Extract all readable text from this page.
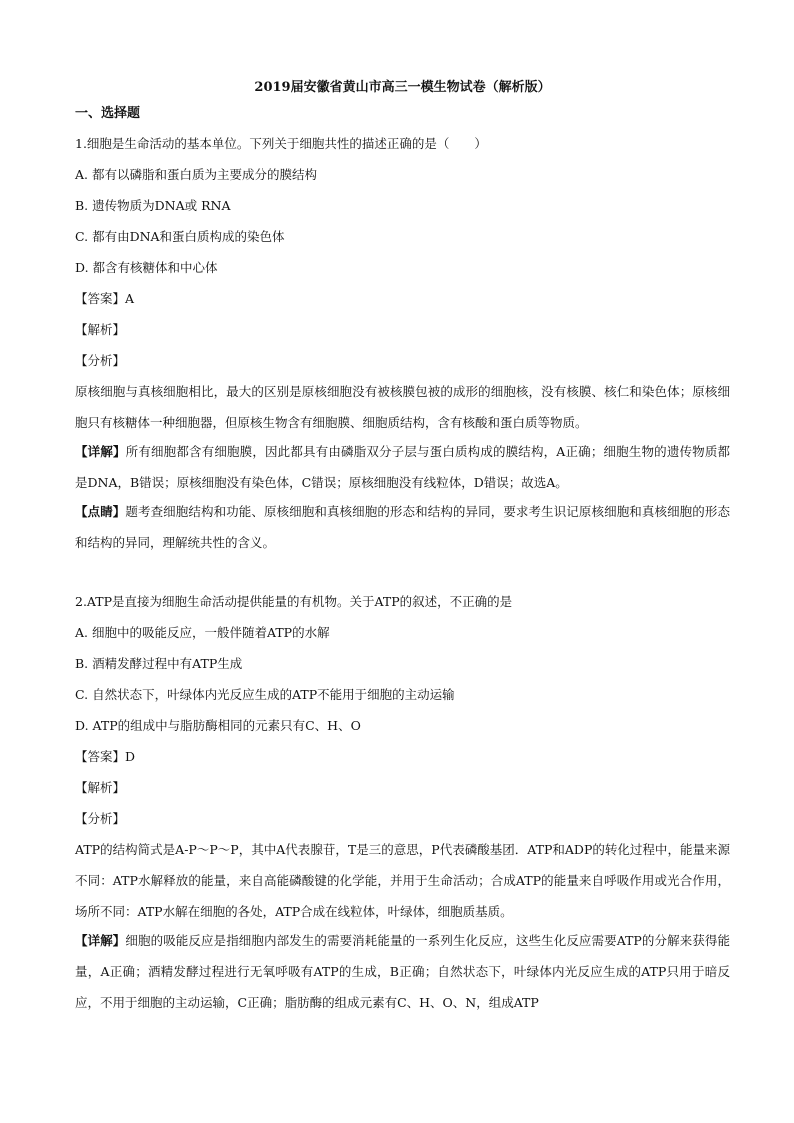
2019届安徽省黄山市高三一模生物试卷（解析版）
一、选择题
1.细胞是生命活动的基本单位。下列关于细胞共性的描述正确的是（　　）
A. 都有以磷脂和蛋白质为主要成分的膜结构
B. 遗传物质为DNA或 RNA
C. 都有由DNA和蛋白质构成的染色体
D. 都含有核糖体和中心体
【答案】A
【解析】
【分析】
原核细胞与真核细胞相比，最大的区别是原核细胞没有被核膜包被的成形的细胞核，没有核膜、核仁和染色体；原核细胞只有核糖体一种细胞器，但原核生物含有细胞膜、细胞质结构，含有核酸和蛋白质等物质。
【详解】所有细胞都含有细胞膜，因此都具有由磷脂双分子层与蛋白质构成的膜结构，A正确；细胞生物的遗传物质都是DNA，B错误；原核细胞没有染色体，C错误；原核细胞没有线粒体，D错误；故选A。
【点睛】题考查细胞结构和功能、原核细胞和真核细胞的形态和结构的异同，要求考生识记原核细胞和真核细胞的形态和结构的异同，理解统共性的含义。
2.ATP是直接为细胞生命活动提供能量的有机物。关于ATP的叙述，不正确的是
A. 细胞中的吸能反应，一般伴随着ATP的水解
B. 酒精发酵过程中有ATP生成
C. 自然状态下，叶绿体内光反应生成的ATP不能用于细胞的主动运输
D. ATP的组成中与脂肪酶相同的元素只有C、H、O
【答案】D
【解析】
【分析】
ATP的结构简式是A-P～P～P，其中A代表腺苷，T是三的意思，P代表磷酸基团．ATP和ADP的转化过程中，能量来源不同：ATP水解释放的能量，来自高能磷酸键的化学能，并用于生命活动；合成ATP的能量来自呼吸作用或光合作用，场所不同：ATP水解在细胞的各处，ATP合成在线粒体，叶绿体，细胞质基质。
【详解】细胞的吸能反应是指细胞内部发生的需要消耗能量的一系列生化反应，这些生化反应需要ATP的分解来获得能量，A正确；酒精发酵过程进行无氧呼吸有ATP的生成，B正确；自然状态下，叶绿体内光反应生成的ATP只用于暗反应，不用于细胞的主动运输，C正确；脂肪酶的组成元素有C、H、O、N，组成ATP
